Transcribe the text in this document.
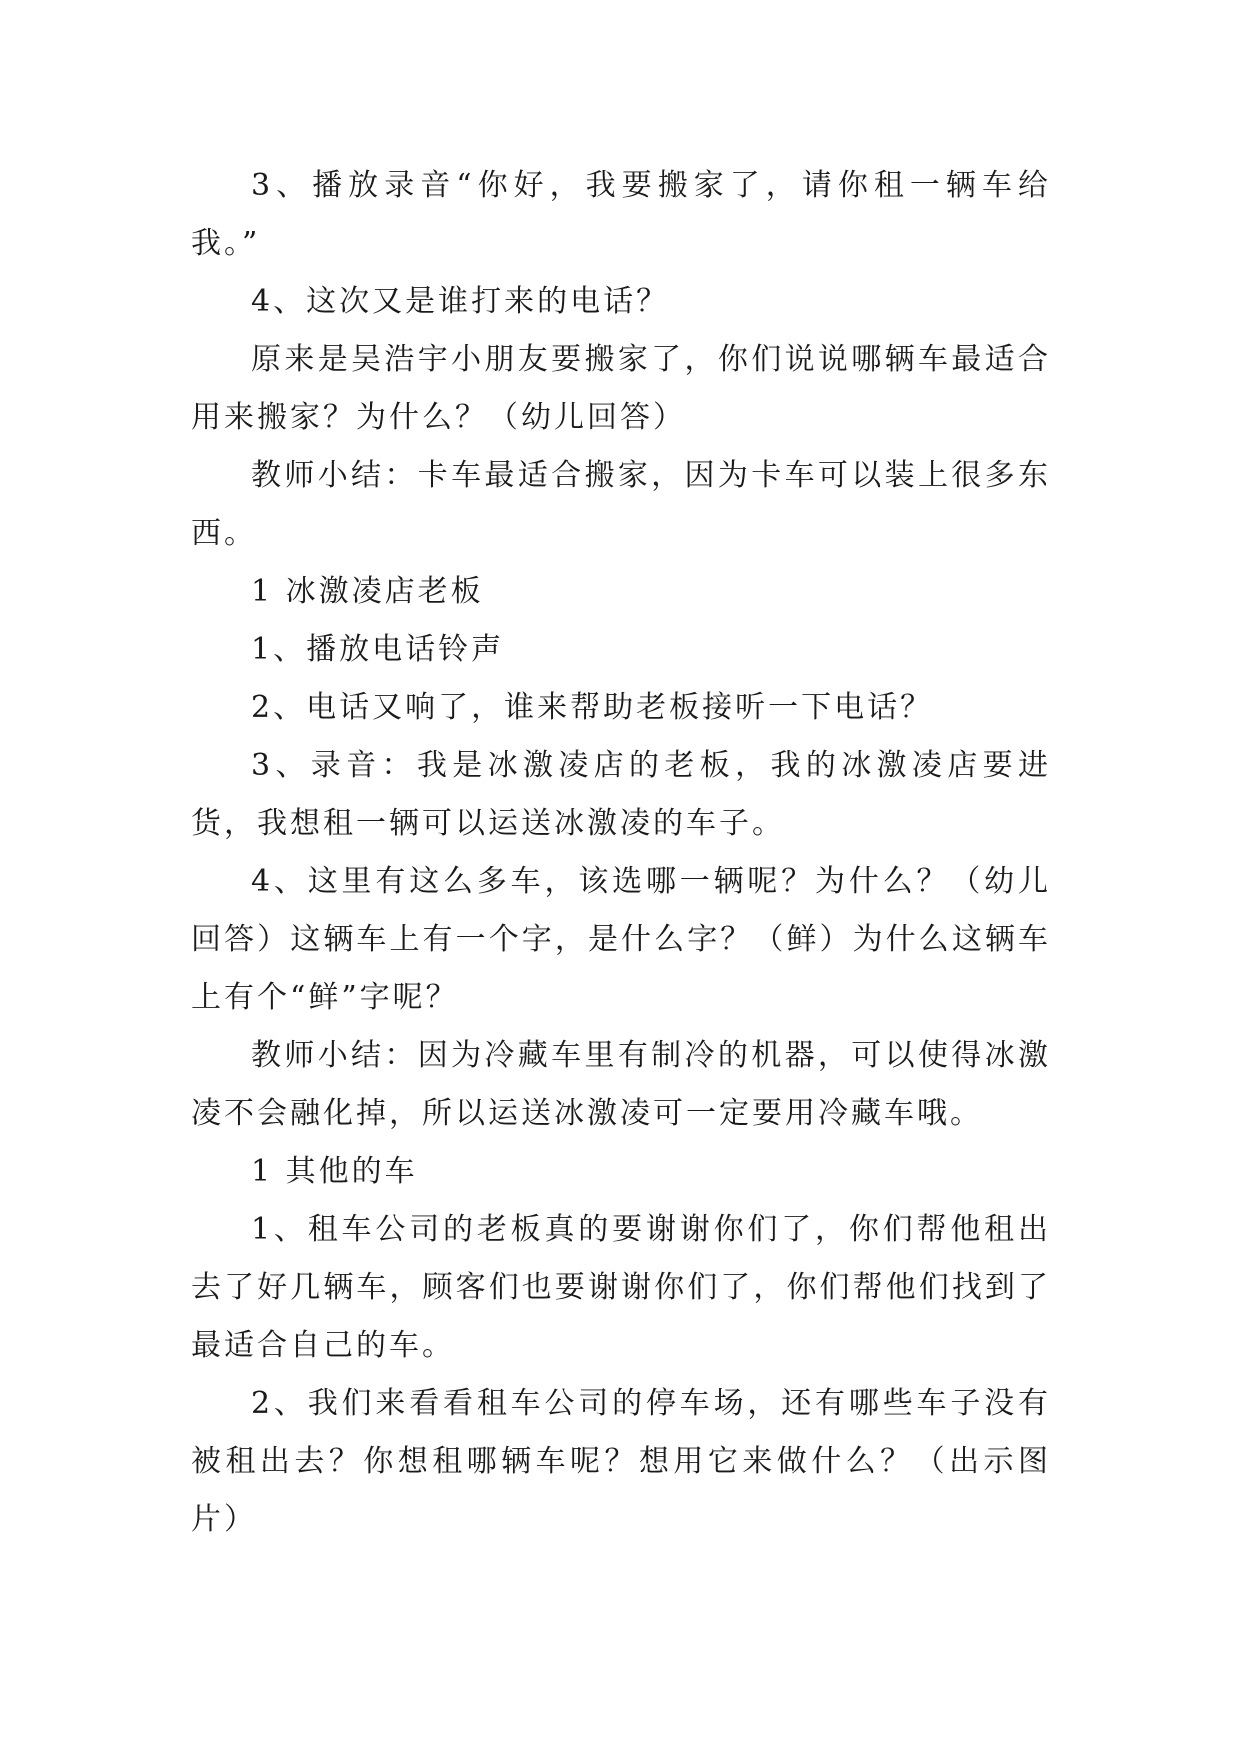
3、播放录音“你好，我要搬家了，请你租一辆车给我。”

4、这次又是谁打来的电话？

原来是吴浩宇小朋友要搬家了，你们说说哪辆车最适合用来搬家？为什么？（幼儿回答）

教师小结：卡车最适合搬家，因为卡车可以装上很多东西。

1 冰激凌店老板

1、播放电话铃声

2、电话又响了，谁来帮助老板接听一下电话？

3、录音：我是冰激凌店的老板，我的冰激凌店要进货，我想租一辆可以运送冰激凌的车子。

4、这里有这么多车，该选哪一辆呢？为什么？（幼儿回答）这辆车上有一个字，是什么字？（鲜）为什么这辆车上有个“鲜”字呢？

教师小结：因为冷藏车里有制冷的机器，可以使得冰激凌不会融化掉，所以运送冰激凌可一定要用冷藏车哦。

1 其他的车

1、租车公司的老板真的要谢谢你们了，你们帮他租出去了好几辆车，顾客们也要谢谢你们了，你们帮他们找到了最适合自己的车。

2、我们来看看租车公司的停车场，还有哪些车子没有被租出去？你想租哪辆车呢？想用它来做什么？（出示图片）
